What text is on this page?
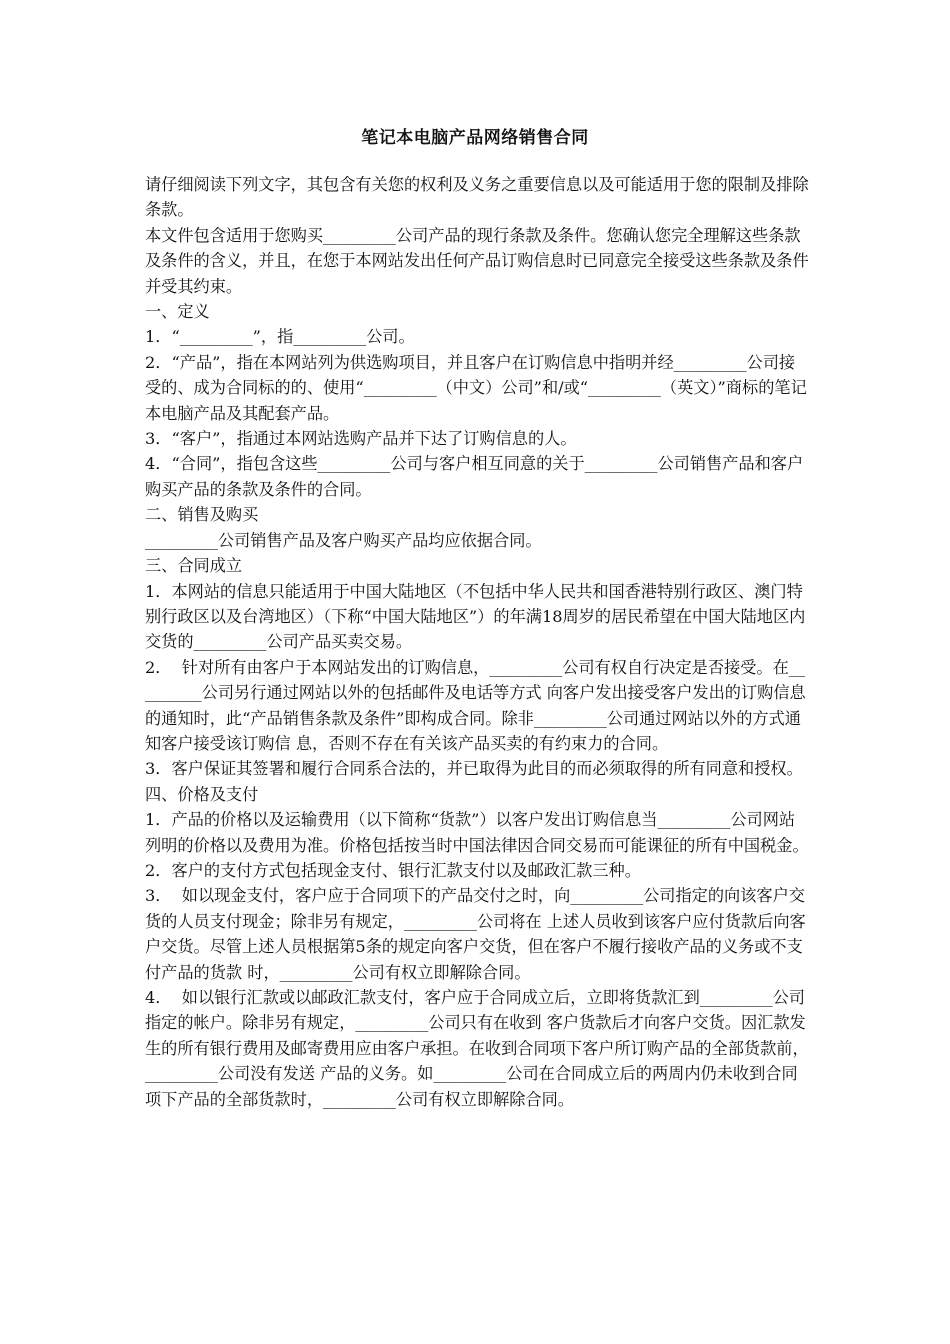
笔记本电脑产品网络销售合同

请仔细阅读下列文字，其包含有关您的权利及义务之重要信息以及可能适用于您的限制及排除条款。

本文件包含适用于您购买_________公司产品的现行条款及条件。您确认您完全理解这些条款及条件的含义，并且，在您于本网站发出任何产品订购信息时已同意完全接受这些条款及条件并受其约束。

一、定义

1．“_________”，指_________公司。

2．“产品”，指在本网站列为供选购项目，并且客户在订购信息中指明并经_________公司接受的、成为合同标的的、使用“_________（中文）公司”和/或“_________（英文）”商标的笔记本电脑产品及其配套产品。

3．“客户”，指通过本网站选购产品并下达了订购信息的人。

4．“合同”，指包含这些_________公司与客户相互同意的关于_________公司销售产品和客户购买产品的条款及条件的合同。

二、销售及购买

_________公司销售产品及客户购买产品均应依据合同。

三、合同成立

1．本网站的信息只能适用于中国大陆地区（不包括中华人民共和国香港特别行政区、澳门特别行政区以及台湾地区）（下称“中国大陆地区”）的年满18周岁的居民希望在中国大陆地区内交货的_________公司产品买卖交易。

2．  针对所有由客户于本网站发出的订购信息，_________公司有权自行决定是否接受。在_________公司另行通过网站以外的包括邮件及电话等方式 向客户发出接受客户发出的订购信息的通知时，此“产品销售条款及条件”即构成合同。除非_________公司通过网站以外的方式通知客户接受该订购信 息，否则不存在有关该产品买卖的有约束力的合同。

3．客户保证其签署和履行合同系合法的，并已取得为此目的而必须取得的所有同意和授权。

四、价格及支付

1．产品的价格以及运输费用（以下简称“货款”）以客户发出订购信息当_________公司网站列明的价格以及费用为准。价格包括按当时中国法律因合同交易而可能课征的所有中国税金。

2．客户的支付方式包括现金支付、银行汇款支付以及邮政汇款三种。

3．  如以现金支付，客户应于合同项下的产品交付之时，向_________公司指定的向该客户交货的人员支付现金；除非另有规定，_________公司将在 上述人员收到该客户应付货款后向客户交货。尽管上述人员根据第5条的规定向客户交货，但在客户不履行接收产品的义务或不支付产品的货款 时，_________公司有权立即解除合同。

4．  如以银行汇款或以邮政汇款支付，客户应于合同成立后，立即将货款汇到_________公司指定的帐户。除非另有规定，_________公司只有在收到 客户货款后才向客户交货。因汇款发生的所有银行费用及邮寄费用应由客户承担。在收到合同项下客户所订购产品的全部货款前，_________公司没有发送 产品的义务。如_________公司在合同成立后的两周内仍未收到合同项下产品的全部货款时，_________公司有权立即解除合同。
